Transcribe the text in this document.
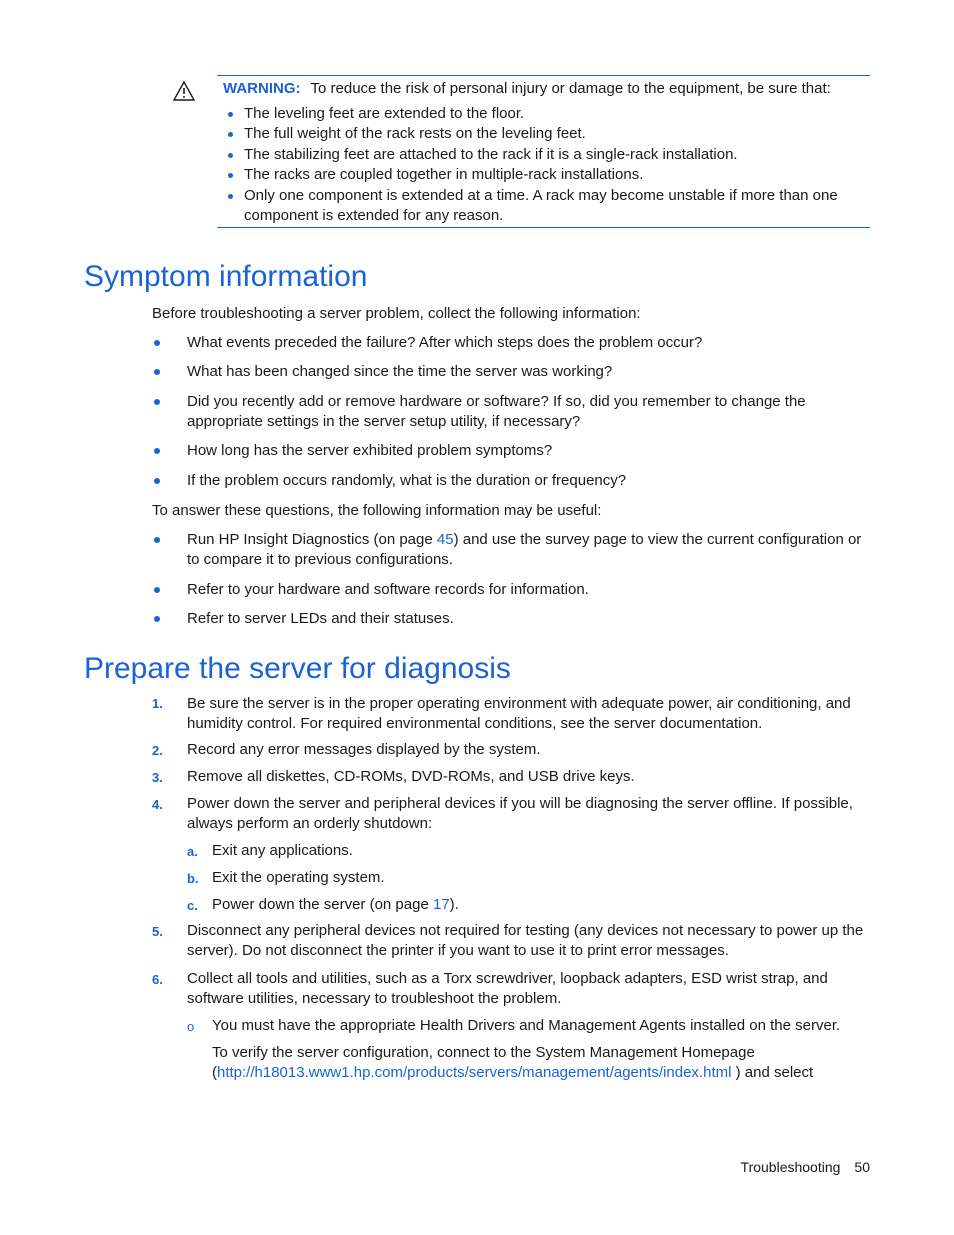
WARNING: To reduce the risk of personal injury or damage to the equipment, be sure that:
The leveling feet are extended to the floor.
The full weight of the rack rests on the leveling feet.
The stabilizing feet are attached to the rack if it is a single-rack installation.
The racks are coupled together in multiple-rack installations.
Only one component is extended at a time. A rack may become unstable if more than one component is extended for any reason.
Symptom information
Before troubleshooting a server problem, collect the following information:
What events preceded the failure? After which steps does the problem occur?
What has been changed since the time the server was working?
Did you recently add or remove hardware or software? If so, did you remember to change the appropriate settings in the server setup utility, if necessary?
How long has the server exhibited problem symptoms?
If the problem occurs randomly, what is the duration or frequency?
To answer these questions, the following information may be useful:
Run HP Insight Diagnostics (on page 45) and use the survey page to view the current configuration or to compare it to previous configurations.
Refer to your hardware and software records for information.
Refer to server LEDs and their statuses.
Prepare the server for diagnosis
1.	Be sure the server is in the proper operating environment with adequate power, air conditioning, and humidity control. For required environmental conditions, see the server documentation.
2.	Record any error messages displayed by the system.
3.	Remove all diskettes, CD-ROMs, DVD-ROMs, and USB drive keys.
4.	Power down the server and peripheral devices if you will be diagnosing the server offline. If possible, always perform an orderly shutdown:
a. Exit any applications.
b. Exit the operating system.
c. Power down the server (on page 17).
5.	Disconnect any peripheral devices not required for testing (any devices not necessary to power up the server). Do not disconnect the printer if you want to use it to print error messages.
6.	Collect all tools and utilities, such as a Torx screwdriver, loopback adapters, ESD wrist strap, and software utilities, necessary to troubleshoot the problem.
o	You must have the appropriate Health Drivers and Management Agents installed on the server.
To verify the server configuration, connect to the System Management Homepage (http://h18013.www1.hp.com/products/servers/management/agents/index.html ) and select
Troubleshooting 50
